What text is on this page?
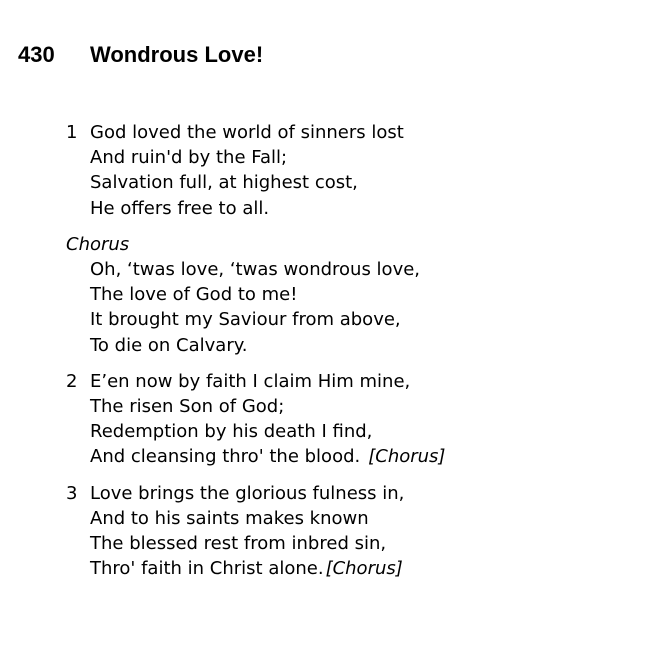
430 Wondrous Love!
1 God loved the world of sinners lost
And ruin'd by the Fall;
Salvation full, at highest cost,
He offers free to all.
Chorus
Oh, ‘twas love, ‘twas wondrous love,
The love of God to me!
It brought my Saviour from above,
To die on Calvary.
2 E’en now by faith I claim Him mine,
The risen Son of God;
Redemption by his death I find,
And cleansing thro' the blood. [Chorus]
3 Love brings the glorious fulness in,
And to his saints makes known
The blessed rest from inbred sin,
Thro' faith in Christ alone. [Chorus]
